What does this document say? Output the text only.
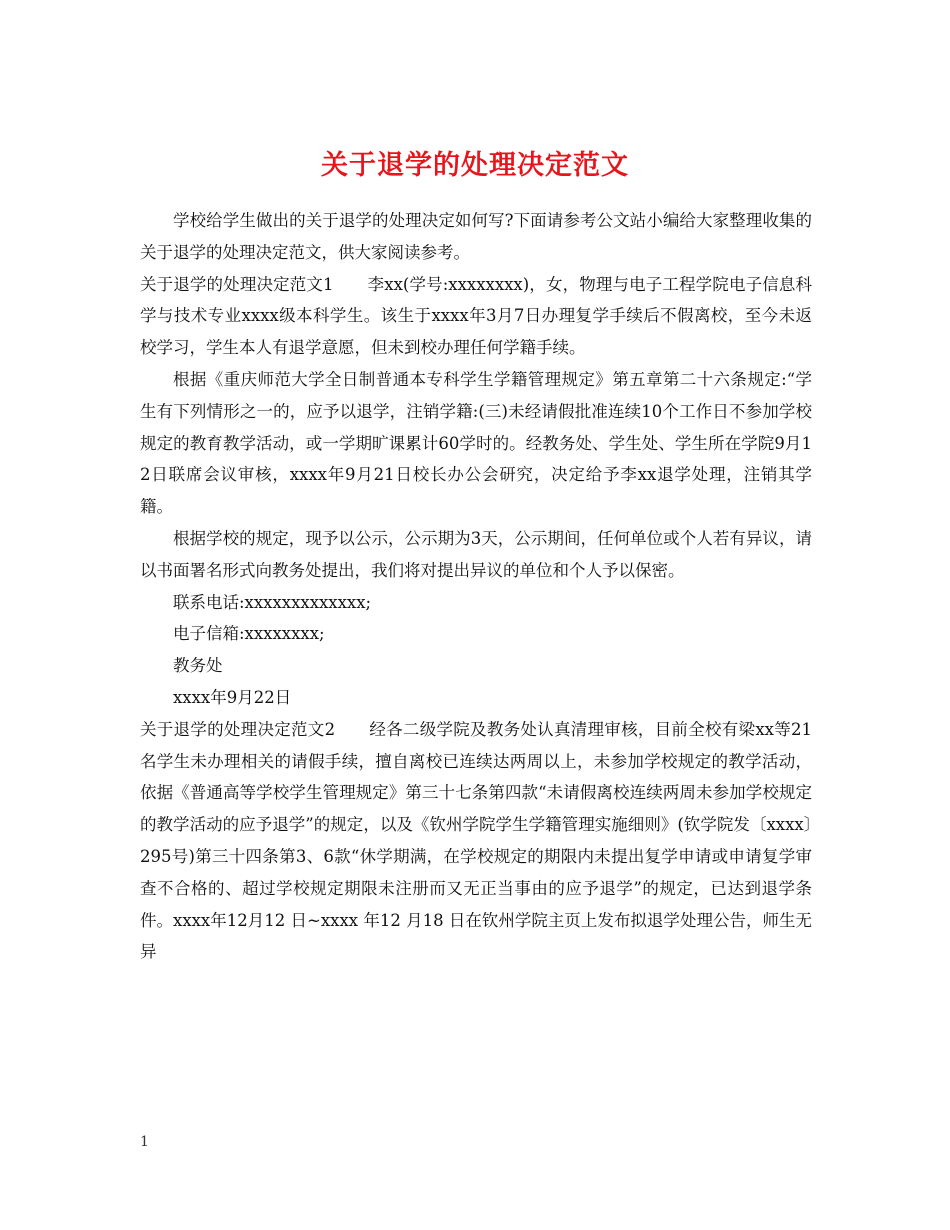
关于退学的处理决定范文

学校给学生做出的关于退学的处理决定如何写?下面请参考公文站小编给大家整理收集的关于退学的处理决定范文，供大家阅读参考。

关于退学的处理决定范文1 李xx(学号:xxxxxxxx)，女，物理与电子工程学院电子信息科学与技术专业xxxx级本科学生。该生于xxxx年3月7日办理复学手续后不假离校，至今未返校学习，学生本人有退学意愿，但未到校办理任何学籍手续。

根据《重庆师范大学全日制普通本专科学生学籍管理规定》第五章第二十六条规定:“学生有下列情形之一的，应予以退学，注销学籍:(三)未经请假批准连续10个工作日不参加学校规定的教育教学活动，或一学期旷课累计60学时的。经教务处、学生处、学生所在学院9月12日联席会议审核，xxxx年9月21日校长办公会研究，决定给予李xx退学处理，注销其学籍。

根据学校的规定，现予以公示，公示期为3天，公示期间，任何单位或个人若有异议，请以书面署名形式向教务处提出，我们将对提出异议的单位和个人予以保密。

联系电话:xxxxxxxxxxxxx;

电子信箱:xxxxxxxx;

教务处

xxxx年9月22日

关于退学的处理决定范文2 经各二级学院及教务处认真清理审核，目前全校有梁xx等21名学生未办理相关的请假手续，擅自离校已连续达两周以上，未参加学校规定的教学活动，依据《普通高等学校学生管理规定》第三十七条第四款“未请假离校连续两周未参加学校规定的教学活动的应予退学”的规定，以及《钦州学院学生学籍管理实施细则》(钦学院发〔xxxx〕295号)第三十四条第3、6款“休学期满，在学校规定的期限内未提出复学申请或申请复学审查不合格的、超过学校规定期限未注册而又无正当事由的应予退学”的规定，已达到退学条件。xxxx年12月12 日~xxxx 年12 月18 日在钦州学院主页上发布拟退学处理公告，师生无异

1
